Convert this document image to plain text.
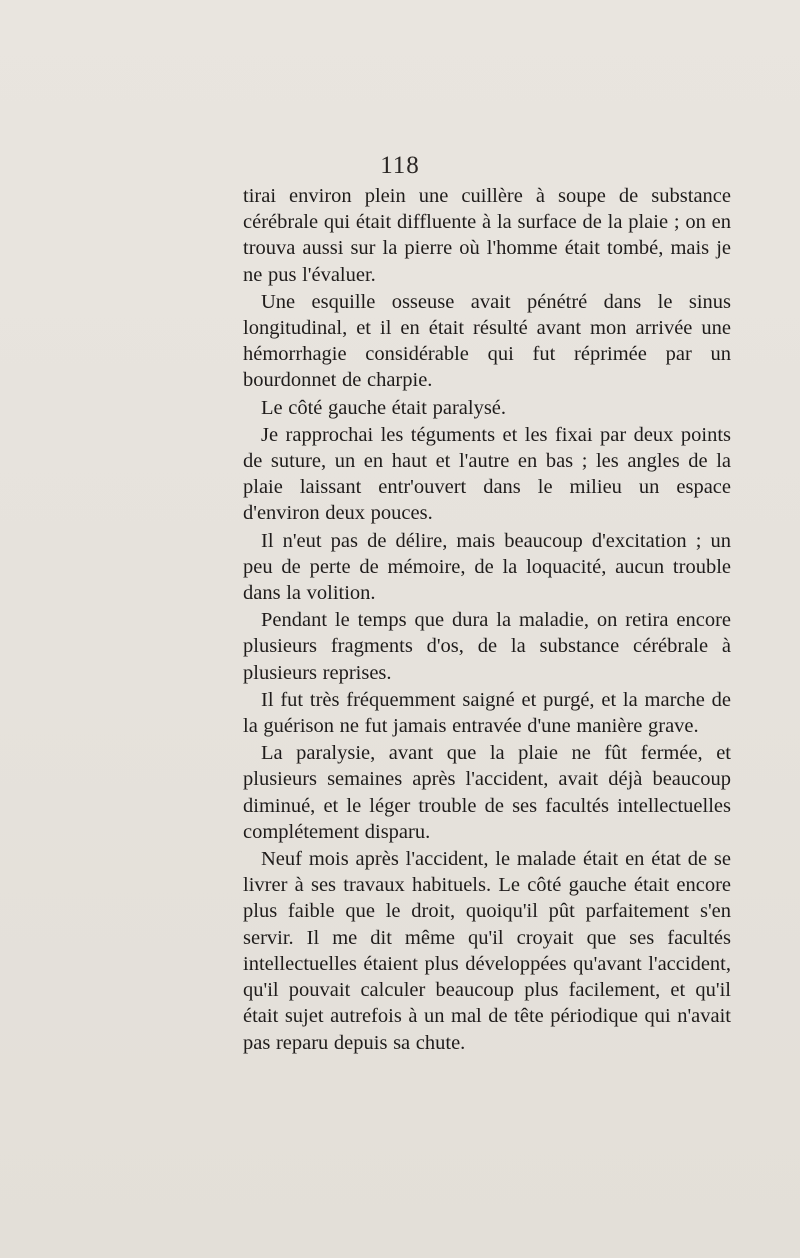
118

tirai environ plein une cuillère à soupe de substance cérébrale qui était diffluente à la surface de la plaie ; on en trouva aussi sur la pierre où l'homme était tombé, mais je ne pus l'évaluer.

Une esquille osseuse avait pénétré dans le sinus longitudinal, et il en était résulté avant mon arrivée une hémorrhagie considérable qui fut réprimée par un bourdonnet de charpie.

Le côté gauche était paralysé.

Je rapprochai les téguments et les fixai par deux points de suture, un en haut et l'autre en bas ; les angles de la plaie laissant entr'ouvert dans le milieu un espace d'environ deux pouces.

Il n'eut pas de délire, mais beaucoup d'excitation ; un peu de perte de mémoire, de la loquacité, aucun trouble dans la volition.

Pendant le temps que dura la maladie, on retira encore plusieurs fragments d'os, de la substance cérébrale à plusieurs reprises.

Il fut très fréquemment saigné et purgé, et la marche de la guérison ne fut jamais entravée d'une manière grave.

La paralysie, avant que la plaie ne fût fermée, et plusieurs semaines après l'accident, avait déjà beaucoup diminué, et le léger trouble de ses facultés intellectuelles complétement disparu.

Neuf mois après l'accident, le malade était en état de se livrer à ses travaux habituels. Le côté gauche était encore plus faible que le droit, quoiqu'il pût parfaitement s'en servir. Il me dit même qu'il croyait que ses facultés intellectuelles étaient plus développées qu'avant l'accident, qu'il pouvait calculer beaucoup plus facilement, et qu'il était sujet autrefois à un mal de tête périodique qui n'avait pas reparu depuis sa chute.
